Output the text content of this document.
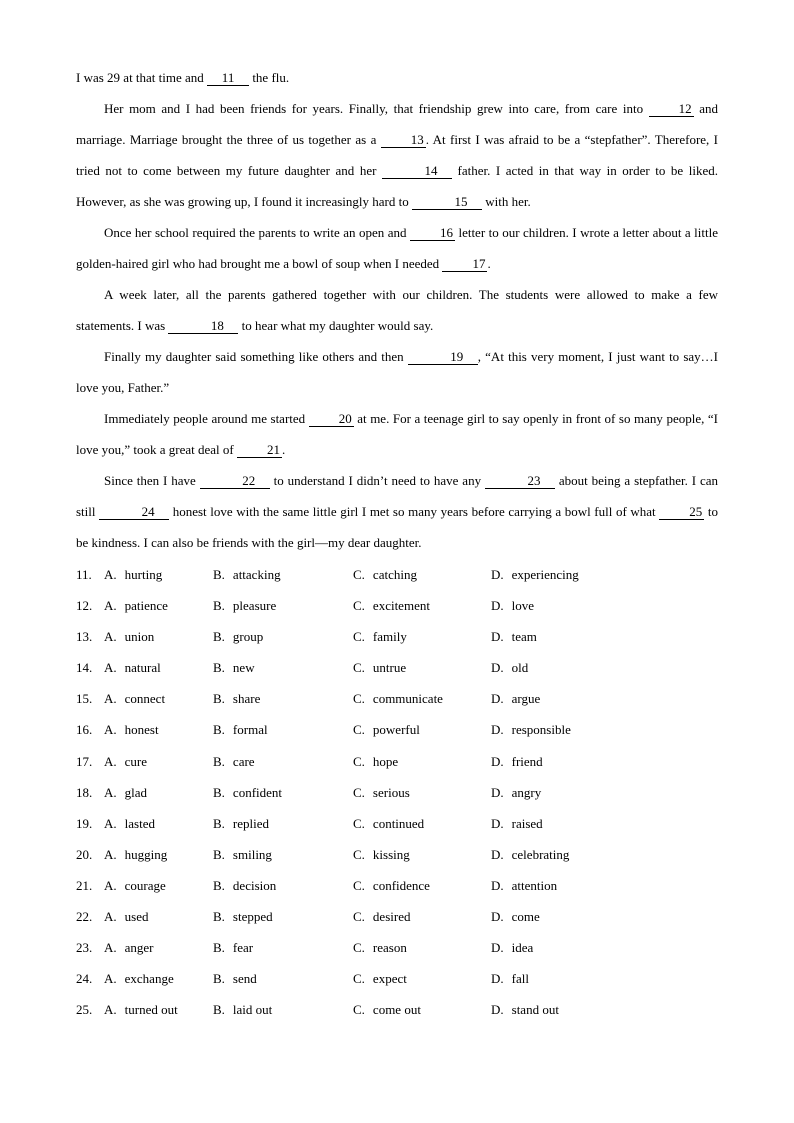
I was 29 at that time and 11 the flu.

Her mom and I had been friends for years. Finally, that friendship grew into care, from care into 12 and marriage. Marriage brought the three of us together as a 13 . At first I was afraid to be a “stepfather”. Therefore, I tried not to come between my future daughter and her	14 father. I acted in that way in order to be liked. However, as she was growing up, I found it increasingly hard to	15 with her.

Once her school required the parents to write an open and 16 letter to our children. I wrote a letter about a little golden-haired girl who had brought me a bowl of soup when I needed 17 .

A week later, all the parents gathered together with our children. The students were allowed to make a few statements. I was	18 to hear what my daughter would say.

Finally my daughter said something like others and then	19 , “At this very moment, I just want to say…I love you, Father.”

Immediately people around me started 20 at me. For a teenage girl to say openly in front of so many people, “I love you,” took a great deal of 21 .

Since then I have	22 to understand I didn’t need to have any	23 about being a stepfather. I can still	24 honest love with the same little girl I met so many years before carrying a bowl full of what 25 to be kindness. I can also be friends with the girl—my dear daughter.

11. A. hurting	B. attacking	C. catching	D. experiencing
12. A. patience	B. pleasure	C. excitement	D. love
13. A. union	B. group	C. family	D. team
14. A. natural	B. new	C. untrue	D. old
15. A. connect	B. share	C. communicate	D. argue
16. A. honest	B. formal	C. powerful	D. responsible
17. A. cure	B. care	C. hope	D. friend
18. A. glad	B. confident	C. serious	D. angry
19. A. lasted	B. replied	C. continued	D. raised
20. A. hugging	B. smiling	C. kissing	D. celebrating
21. A. courage	B. decision	C. confidence	D. attention
22. A. used	B. stepped	C. desired	D. come
23. A. anger	B. fear	C. reason	D. idea
24. A. exchange	B. send	C. expect	D. fall
25. A. turned out	B. laid out	C. come out	D. stand out
